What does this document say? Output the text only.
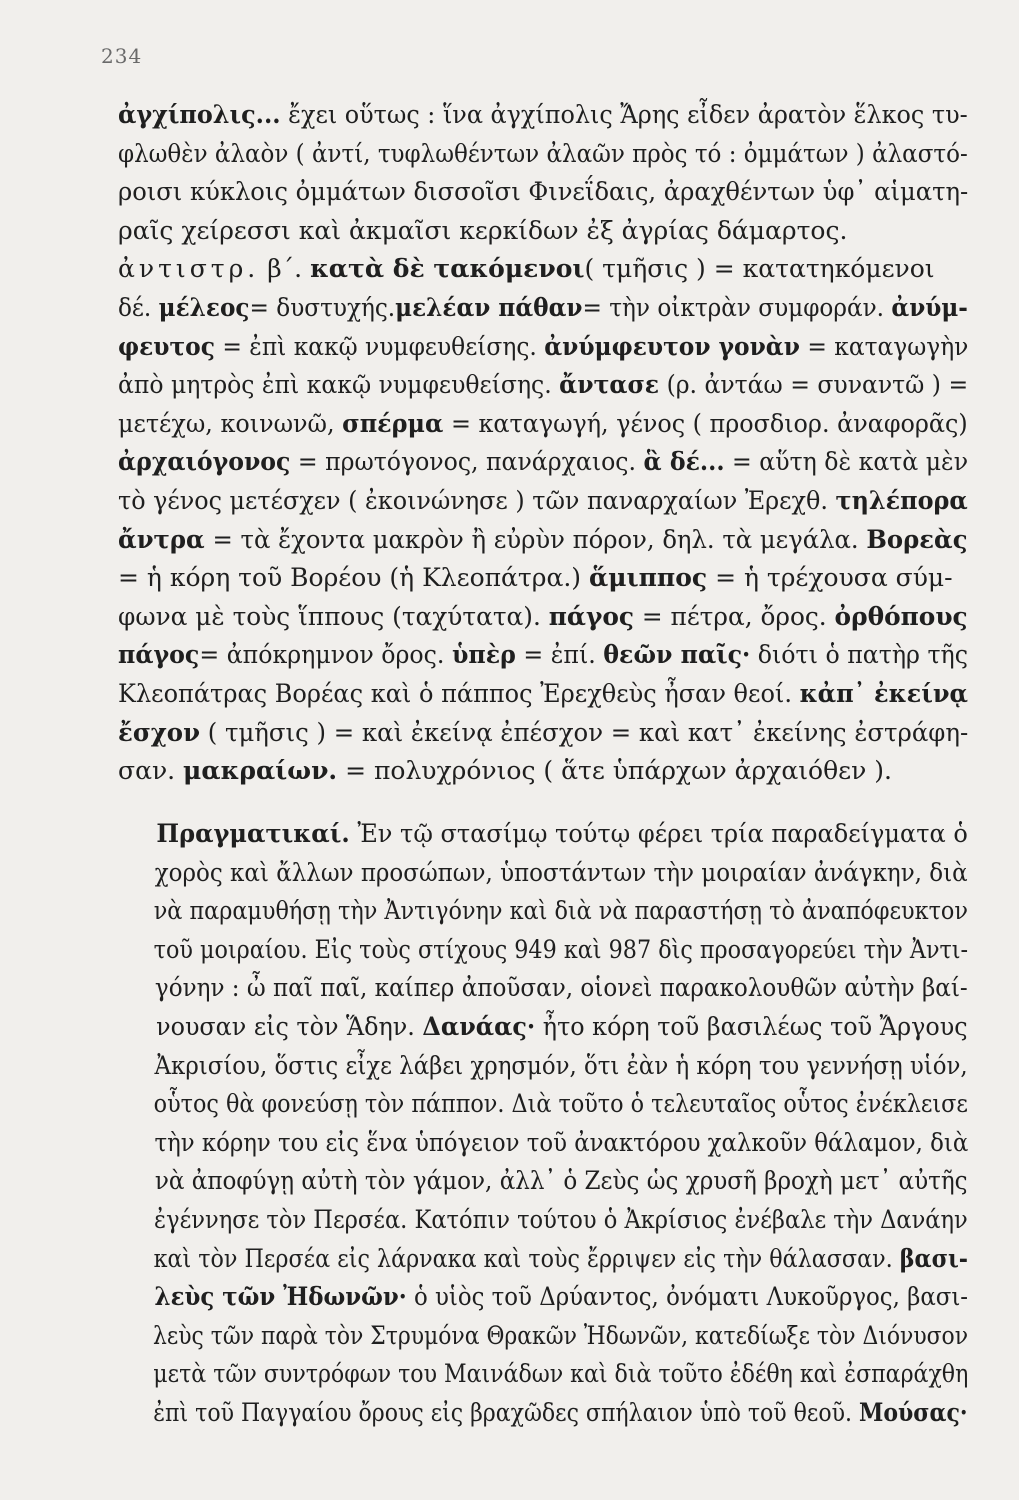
234
ἀγχίπολις... ἔχει οὕτως : ἵνα ἀγχίπολις Ἄρης εἶδεν ἀρατὸν ἕλκος τυ-
φλωθὲν ἀλαὸν ( ἀντί, τυφλωθέντων ἀλαῶν πρὸς τό : ὀμμάτων ) ἀλαστό-
ροισι κύκλοις ὀμμάτων δισσοῖσι Φινεΐδαις, ἀραχθέντων ὑφ᾽ αἱματη-
ραῖς χείρεσσι καὶ ἀκμαῖσι κερκίδων ἐξ ἀγρίας δάμαρτος.
ἀντιστρ. β΄. κατὰ δὲ τακόμενοι( τμῆσις ) = κατατηκόμενοι
δέ. μέλεος= δυστυχής.μελέαν πάθαν= τὴν οἰκτρὰν συμφοράν. ἀνύμ-
φευτος = ἐπὶ κακῷ νυμφευθείσης. ἀνύμφευτον γονὰν = καταγωγὴν
ἀπὸ μητρὸς ἐπὶ κακῷ νυμφευθείσης. ἄντασε (ρ. ἀντάω = συναντῶ ) =
μετέχω, κοινωνῶ, σπέρμα = καταγωγή, γένος ( προσδιορ. ἀναφορᾶς)
ἀρχαιόγονος = πρωτόγονος, πανάρχαιος. ἃ δέ... = αὕτη δὲ κατὰ μὲν
τὸ γένος μετέσχεν ( ἐκοινώνησε ) τῶν παναρχαίων Ἐρεχθ. τηλέπορα
ἄντρα = τὰ ἔχοντα μακρὸν ἢ εὐρὺν πόρον, δηλ. τὰ μεγάλα. Βορεὰς
= ἡ κόρη τοῦ Βορέου (ἡ Κλεοπάτρα.) ἅμιππος = ἡ τρέχουσα σύμ-
φωνα μὲ τοὺς ἵππους (ταχύτατα). πάγος = πέτρα, ὄρος. ὀρθόπους
πάγος= ἀπόκρημνον ὄρος. ὑπὲρ = ἐπί. θεῶν παῖς· διότι ὁ πατὴρ τῆς
Κλεοπάτρας Βορέας καὶ ὁ πάππος Ἐρεχθεὺς ἦσαν θεοί. κἀπ᾽ ἐκείνᾳ
ἔσχον ( τμῆσις ) = καὶ ἐκείνᾳ ἐπέσχον = καὶ κατ᾽ ἐκείνης ἐστράφη-
σαν. μακραίων. = πολυχρόνιος ( ἅτε ὑπάρχων ἀρχαιόθεν ).
Πραγματικαί. Ἐν τῷ στασίμῳ τούτῳ φέρει τρία παραδείγματα ὁ
χορὸς καὶ ἄλλων προσώπων, ὑποστάντων τὴν μοιραίαν ἀνάγκην, διὰ
νὰ παραμυθήσῃ τὴν Ἀντιγόνην καὶ διὰ νὰ παραστήσῃ τὸ ἀναπόφευκτον
τοῦ μοιραίου. Εἰς τοὺς στίχους 949 καὶ 987 δὶς προσαγορεύει τὴν Ἀντι-
γόνην : ὦ παῖ παῖ, καίπερ ἀποῦσαν, οἱονεὶ παρακολουθῶν αὐτὴν βαί-
νουσαν εἰς τὸν Ἅδην. Δανάας· ἦτο κόρη τοῦ βασιλέως τοῦ Ἄργους
Ἀκρισίου, ὅστις εἶχε λάβει χρησμόν, ὅτι ἐὰν ἡ κόρη του γεννήσῃ υἱόν,
οὗτος θὰ φονεύσῃ τὸν πάππον. Διὰ τοῦτο ὁ τελευταῖος οὗτος ἐνέκλεισε
τὴν κόρην του εἰς ἕνα ὑπόγειον τοῦ ἀνακτόρου χαλκοῦν θάλαμον, διὰ
νὰ ἀποφύγῃ αὐτὴ τὸν γάμον, ἀλλ᾽ ὁ Ζεὺς ὡς χρυσῆ βροχὴ μετ᾽ αὐτῆς
ἐγέννησε τὸν Περσέα. Κατόπιν τούτου ὁ Ἀκρίσιος ἐνέβαλε τὴν Δανάην
καὶ τὸν Περσέα εἰς λάρνακα καὶ τοὺς ἔρριψεν εἰς τὴν θάλασσαν. βασι-
λεὺς τῶν Ἠδωνῶν· ὁ υἱὸς τοῦ Δρύαντος, ὀνόματι Λυκοῦργος, βασι-
λεὺς τῶν παρὰ τὸν Στρυμόνα Θρακῶν Ἠδωνῶν, κατεδίωξε τὸν Διόνυσον
μετὰ τῶν συντρόφων του Μαινάδων καὶ διὰ τοῦτο ἐδέθη καὶ ἐσπαράχθη
ἐπὶ τοῦ Παγγαίου ὄρους εἰς βραχῶδες σπήλαιον ὑπὸ τοῦ θεοῦ. Μούσας·
